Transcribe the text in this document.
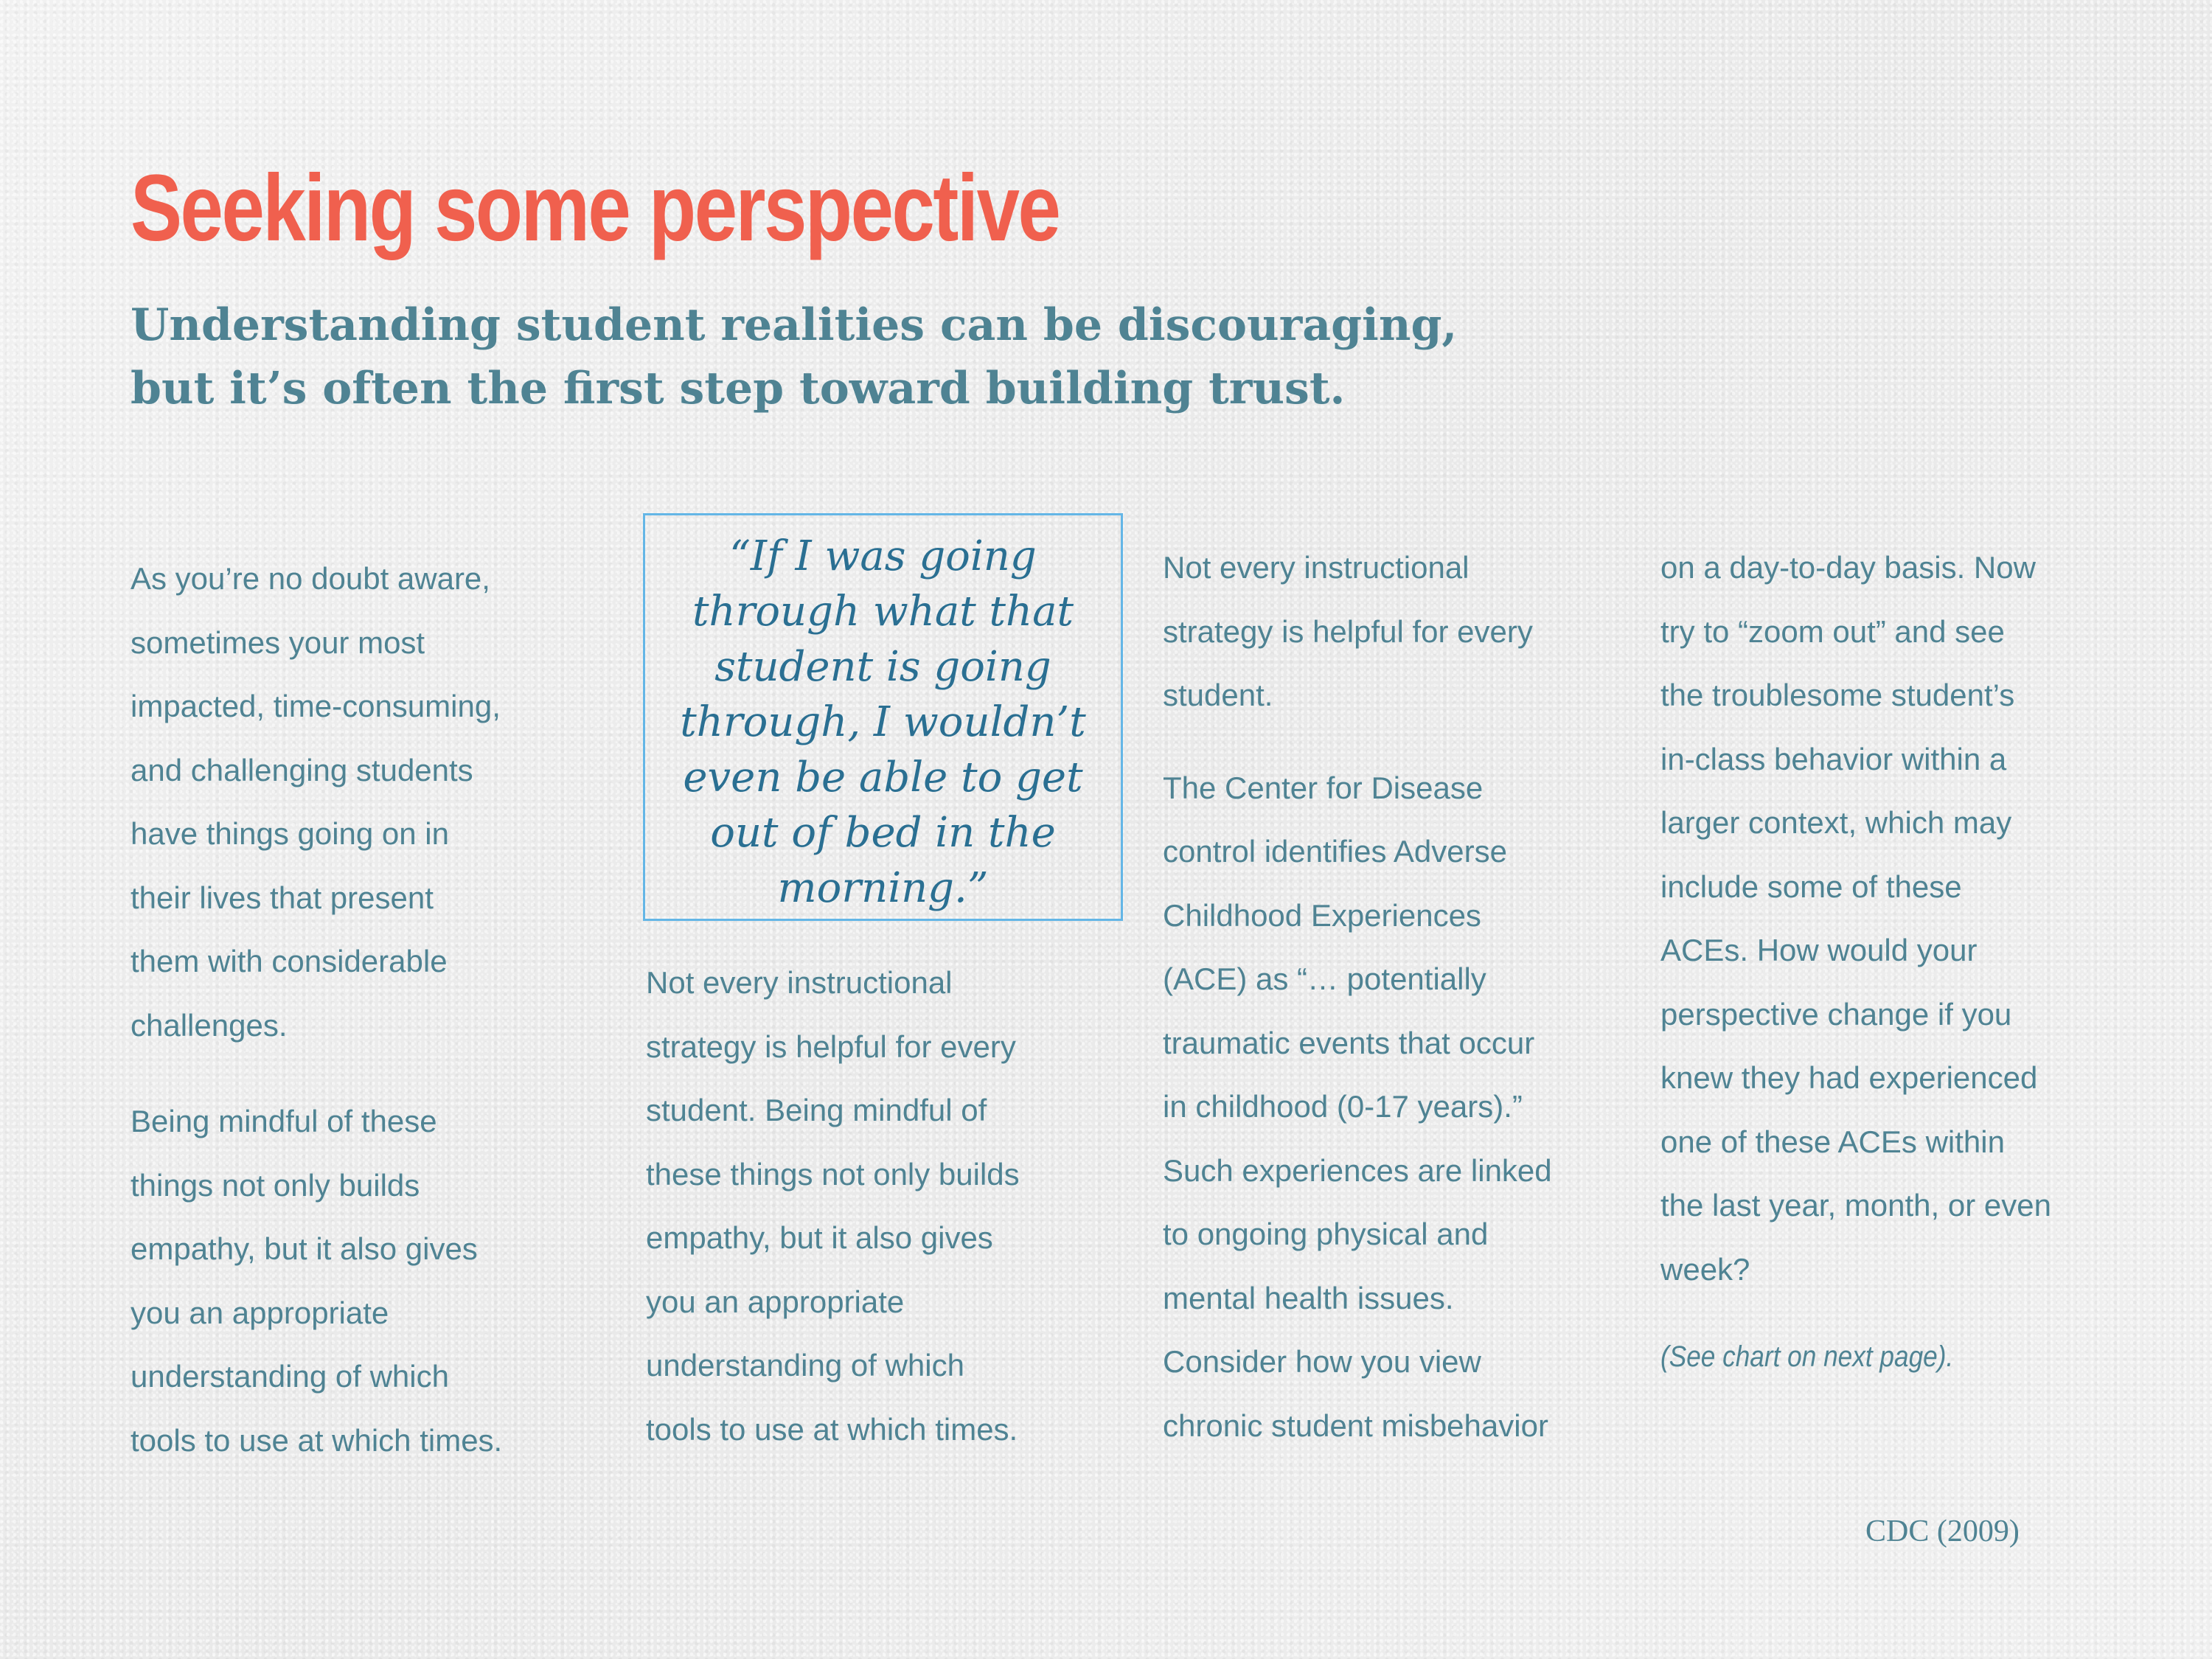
Seeking some perspective
Understanding student realities can be discouraging,
but it’s often the first step toward building trust.

As you’re no doubt aware,
sometimes your most
impacted, time-consuming,
and challenging students
have things going on in
their lives that present
them with considerable
challenges.

Being mindful of these
things not only builds
empathy, but it also gives
you an appropriate
understanding of which
tools to use at which times.

“If I was going
through what that
student is going
through, I wouldn’t
even be able to get
out of bed in the
morning.”

Not every instructional
strategy is helpful for every
student. Being mindful of
these things not only builds
empathy, but it also gives
you an appropriate
understanding of which
tools to use at which times.

Not every instructional
strategy is helpful for every
student.

The Center for Disease
control identifies Adverse
Childhood Experiences
(ACE) as “… potentially
traumatic events that occur
in childhood (0-17 years).”
Such experiences are linked
to ongoing physical and
mental health issues.
Consider how you view
chronic student misbehavior

on a day-to-day basis. Now
try to “zoom out” and see
the troublesome student’s
in-class behavior within a
larger context, which may
include some of these
ACEs. How would your
perspective change if you
knew they had experienced
one of these ACEs within
the last year, month, or even
week?

(See chart on next page).

CDC (2009)
